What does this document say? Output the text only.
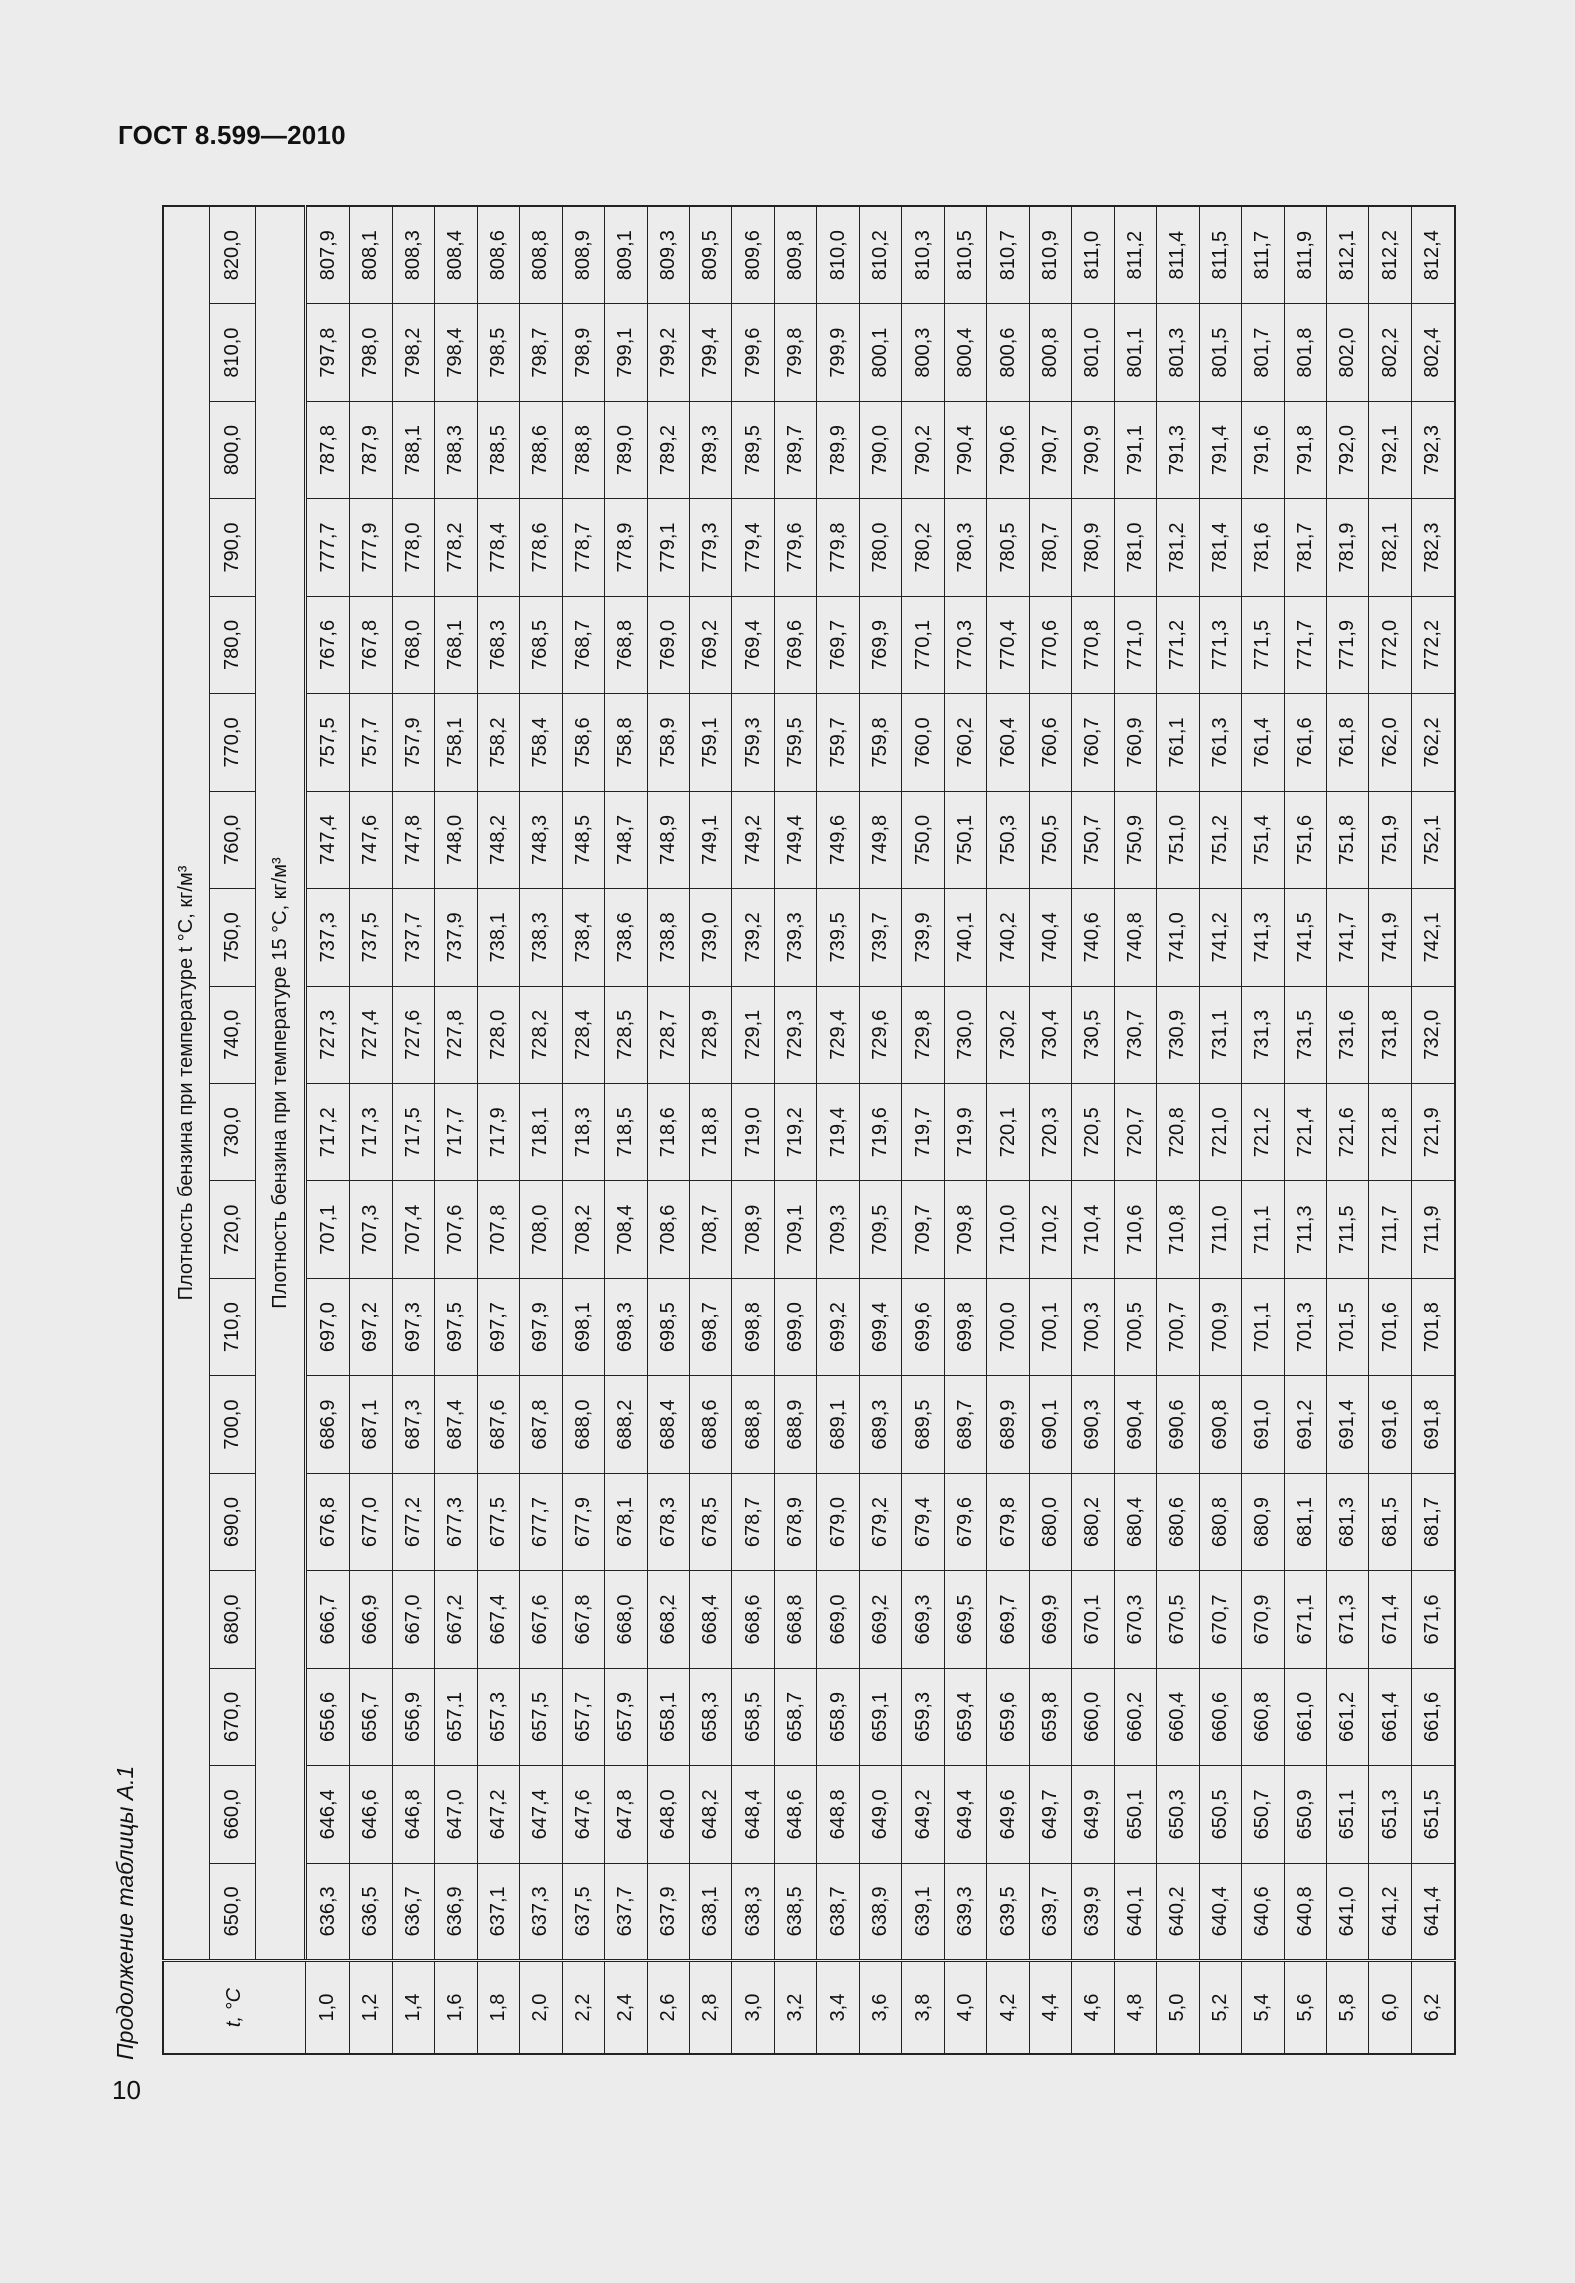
ГОСТ 8.599—2010
Продолжение таблицы А.1
10
t, °C	Плотность бензина при температуре t °C, кг/м³																	
	650,0	660,0	670,0	680,0	690,0	700,0	710,0	720,0	730,0	740,0	750,0	760,0	770,0	780,0	790,0	800,0	810,0	820,0
	Плотность бензина при температуре 15 °C, кг/м³																	
1,0	636,3	646,4	656,6	666,7	676,8	686,9	697,0	707,1	717,2	727,3	737,3	747,4	757,5	767,6	777,7	787,8	797,8	807,9
1,2	636,5	646,6	656,7	666,9	677,0	687,1	697,2	707,3	717,3	727,4	737,5	747,6	757,7	767,8	777,9	787,9	798,0	808,1
1,4	636,7	646,8	656,9	667,0	677,2	687,3	697,3	707,4	717,5	727,6	737,7	747,8	757,9	768,0	778,0	788,1	798,2	808,3
1,6	636,9	647,0	657,1	667,2	677,3	687,4	697,5	707,6	717,7	727,8	737,9	748,0	758,1	768,1	778,2	788,3	798,4	808,4
1,8	637,1	647,2	657,3	667,4	677,5	687,6	697,7	707,8	717,9	728,0	738,1	748,2	758,2	768,3	778,4	788,5	798,5	808,6
2,0	637,3	647,4	657,5	667,6	677,7	687,8	697,9	708,0	718,1	728,2	738,3	748,3	758,4	768,5	778,6	788,6	798,7	808,8
2,2	637,5	647,6	657,7	667,8	677,9	688,0	698,1	708,2	718,3	728,4	738,4	748,5	758,6	768,7	778,7	788,8	798,9	808,9
2,4	637,7	647,8	657,9	668,0	678,1	688,2	698,3	708,4	718,5	728,5	738,6	748,7	758,8	768,8	778,9	789,0	799,1	809,1
2,6	637,9	648,0	658,1	668,2	678,3	688,4	698,5	708,6	718,6	728,7	738,8	748,9	758,9	769,0	779,1	789,2	799,2	809,3
2,8	638,1	648,2	658,3	668,4	678,5	688,6	698,7	708,7	718,8	728,9	739,0	749,1	759,1	769,2	779,3	789,3	799,4	809,5
3,0	638,3	648,4	658,5	668,6	678,7	688,8	698,8	708,9	719,0	729,1	739,2	749,2	759,3	769,4	779,4	789,5	799,6	809,6
3,2	638,5	648,6	658,7	668,8	678,9	688,9	699,0	709,1	719,2	729,3	739,3	749,4	759,5	769,6	779,6	789,7	799,8	809,8
3,4	638,7	648,8	658,9	669,0	679,0	689,1	699,2	709,3	719,4	729,4	739,5	749,6	759,7	769,7	779,8	789,9	799,9	810,0
3,6	638,9	649,0	659,1	669,2	679,2	689,3	699,4	709,5	719,6	729,6	739,7	749,8	759,8	769,9	780,0	790,0	800,1	810,2
3,8	639,1	649,2	659,3	669,3	679,4	689,5	699,6	709,7	719,7	729,8	739,9	750,0	760,0	770,1	780,2	790,2	800,3	810,3
4,0	639,3	649,4	659,4	669,5	679,6	689,7	699,8	709,8	719,9	730,0	740,1	750,1	760,2	770,3	780,3	790,4	800,4	810,5
4,2	639,5	649,6	659,6	669,7	679,8	689,9	700,0	710,0	720,1	730,2	740,2	750,3	760,4	770,4	780,5	790,6	800,6	810,7
4,4	639,7	649,7	659,8	669,9	680,0	690,1	700,1	710,2	720,3	730,4	740,4	750,5	760,6	770,6	780,7	790,7	800,8	810,9
4,6	639,9	649,9	660,0	670,1	680,2	690,3	700,3	710,4	720,5	730,5	740,6	750,7	760,7	770,8	780,9	790,9	801,0	811,0
4,8	640,1	650,1	660,2	670,3	680,4	690,4	700,5	710,6	720,7	730,7	740,8	750,9	760,9	771,0	781,0	791,1	801,1	811,2
5,0	640,2	650,3	660,4	670,5	680,6	690,6	700,7	710,8	720,8	730,9	741,0	751,0	761,1	771,2	781,2	791,3	801,3	811,4
5,2	640,4	650,5	660,6	670,7	680,8	690,8	700,9	711,0	721,0	731,1	741,2	751,2	761,3	771,3	781,4	791,4	801,5	811,5
5,4	640,6	650,7	660,8	670,9	680,9	691,0	701,1	711,1	721,2	731,3	741,3	751,4	761,4	771,5	781,6	791,6	801,7	811,7
5,6	640,8	650,9	661,0	671,1	681,1	691,2	701,3	711,3	721,4	731,5	741,5	751,6	761,6	771,7	781,7	791,8	801,8	811,9
5,8	641,0	651,1	661,2	671,3	681,3	691,4	701,5	711,5	721,6	731,6	741,7	751,8	761,8	771,9	781,9	792,0	802,0	812,1
6,0	641,2	651,3	661,4	671,4	681,5	691,6	701,6	711,7	721,8	731,8	741,9	751,9	762,0	772,0	782,1	792,1	802,2	812,2
6,2	641,4	651,5	661,6	671,6	681,7	691,8	701,8	711,9	721,9	732,0	742,1	752,1	762,2	772,2	782,3	792,3	802,4	812,4
